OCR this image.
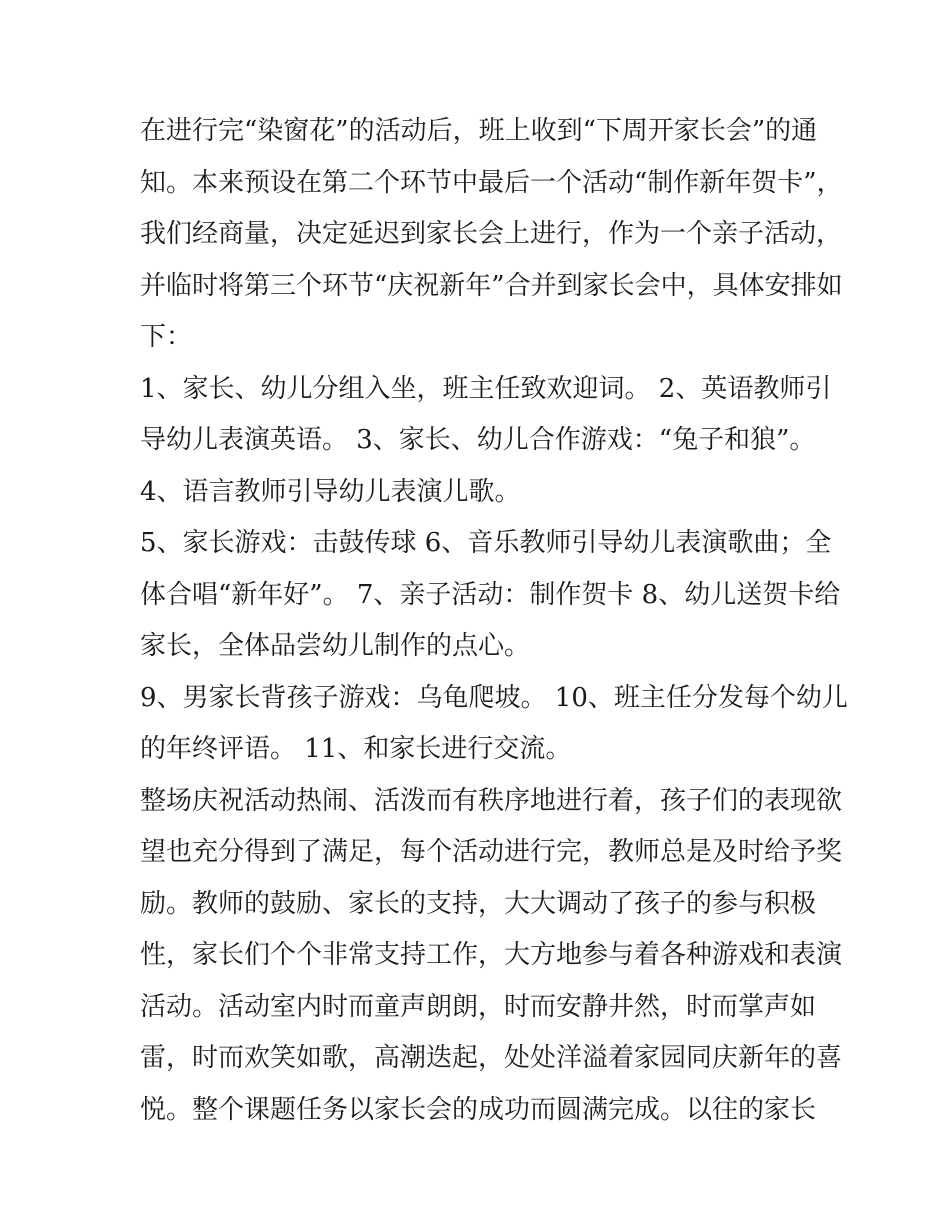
在进行完“染窗花”的活动后，班上收到“下周开家长会”的通
知。本来预设在第二个环节中最后一个活动“制作新年贺卡”，
我们经商量，决定延迟到家长会上进行，作为一个亲子活动，
并临时将第三个环节“庆祝新年”合并到家长会中，具体安排如
下：
1、家长、幼儿分组入坐，班主任致欢迎词。 2、英语教师引
导幼儿表演英语。 3、家长、幼儿合作游戏：“兔子和狼”。
4、语言教师引导幼儿表演儿歌。
5、家长游戏：击鼓传球 6、音乐教师引导幼儿表演歌曲；全
体合唱“新年好”。 7、亲子活动：制作贺卡 8、幼儿送贺卡给
家长，全体品尝幼儿制作的点心。
9、男家长背孩子游戏：乌龟爬坡。 10、班主任分发每个幼儿
的年终评语。 11、和家长进行交流。
整场庆祝活动热闹、活泼而有秩序地进行着，孩子们的表现欲
望也充分得到了满足，每个活动进行完，教师总是及时给予奖
励。教师的鼓励、家长的支持，大大调动了孩子的参与积极
性，家长们个个非常支持工作，大方地参与着各种游戏和表演
活动。活动室内时而童声朗朗，时而安静井然，时而掌声如
雷，时而欢笑如歌，高潮迭起，处处洋溢着家园同庆新年的喜
悦。整个课题任务以家长会的成功而圆满完成。以往的家长
